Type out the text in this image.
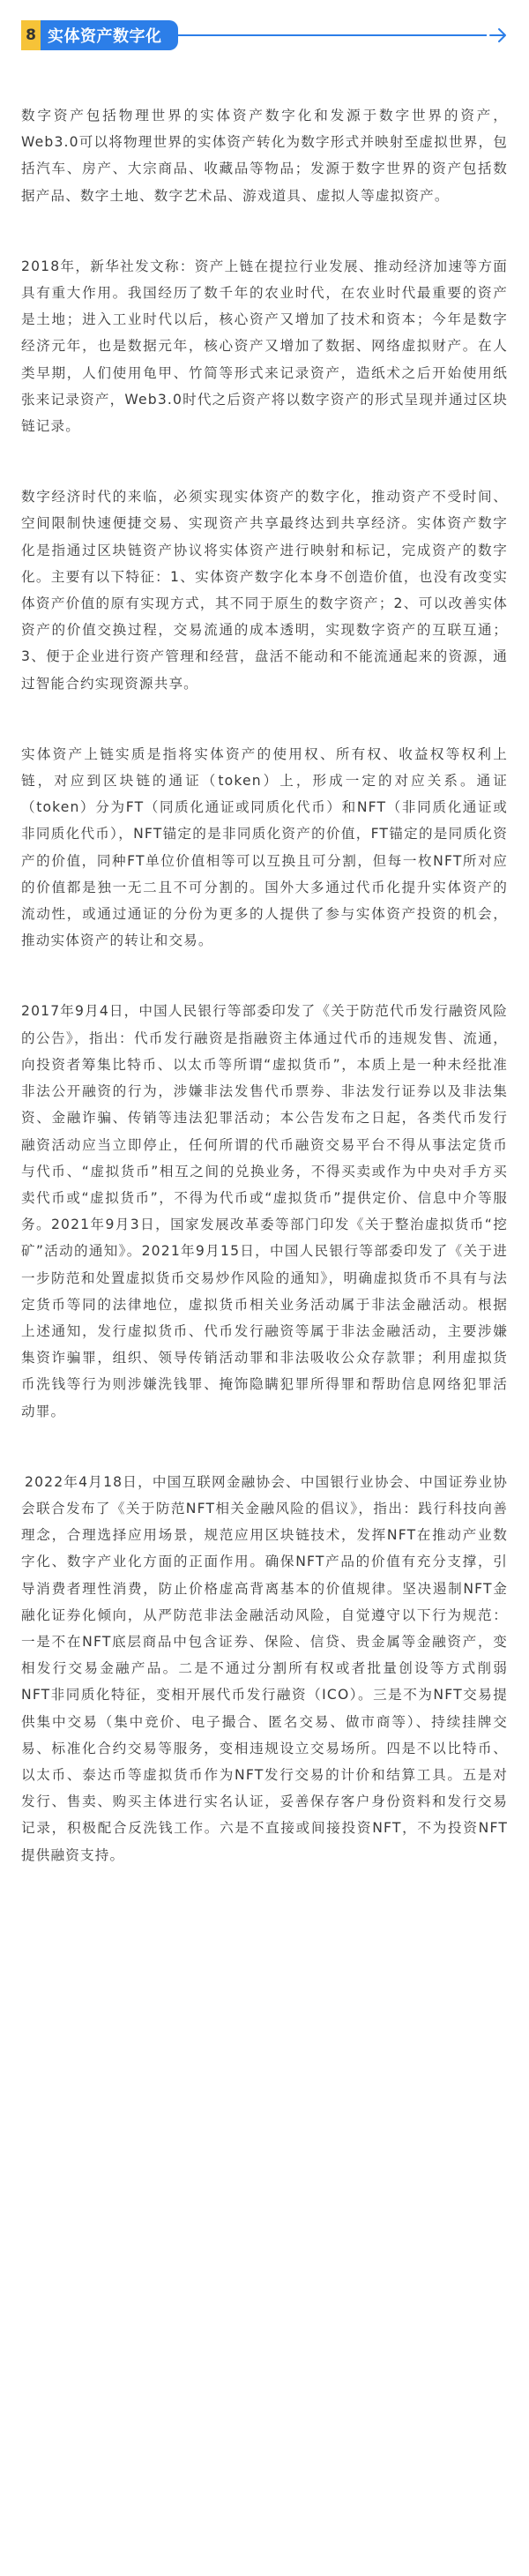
8 实体资产数字化

数字资产包括物理世界的实体资产数字化和发源于数字世界的资产，Web3.0可以将物理世界的实体资产转化为数字形式并映射至虚拟世界，包括汽车、房产、大宗商品、收藏品等物品；发源于数字世界的资产包括数据产品、数字土地、数字艺术品、游戏道具、虚拟人等虚拟资产。

2018年，新华社发文称：资产上链在提拉行业发展、推动经济加速等方面具有重大作用。我国经历了数千年的农业时代，在农业时代最重要的资产是土地；进入工业时代以后，核心资产又增加了技术和资本；今年是数字经济元年，也是数据元年，核心资产又增加了数据、网络虚拟财产。在人类早期，人们使用龟甲、竹简等形式来记录资产，造纸术之后开始使用纸张来记录资产，Web3.0时代之后资产将以数字资产的形式呈现并通过区块链记录。

数字经济时代的来临，必须实现实体资产的数字化，推动资产不受时间、空间限制快速便捷交易、实现资产共享最终达到共享经济。实体资产数字化是指通过区块链资产协议将实体资产进行映射和标记，完成资产的数字化。主要有以下特征：1、实体资产数字化本身不创造价值，也没有改变实体资产价值的原有实现方式，其不同于原生的数字资产；2、可以改善实体资产的价值交换过程，交易流通的成本透明，实现数字资产的互联互通；3、便于企业进行资产管理和经营，盘活不能动和不能流通起来的资源，通过智能合约实现资源共享。

实体资产上链实质是指将实体资产的使用权、所有权、收益权等权利上链，对应到区块链的通证（token）上，形成一定的对应关系。通证（token）分为FT（同质化通证或同质化代币）和NFT（非同质化通证或非同质化代币），NFT锚定的是非同质化资产的价值，FT锚定的是同质化资产的价值，同种FT单位价值相等可以互换且可分割，但每一枚NFT所对应的价值都是独一无二且不可分割的。国外大多通过代币化提升实体资产的流动性，或通过通证的分份为更多的人提供了参与实体资产投资的机会，推动实体资产的转让和交易。

2017年9月4日，中国人民银行等部委印发了《关于防范代币发行融资风险的公告》，指出：代币发行融资是指融资主体通过代币的违规发售、流通，向投资者筹集比特币、以太币等所谓“虚拟货币”，本质上是一种未经批准非法公开融资的行为，涉嫌非法发售代币票券、非法发行证券以及非法集资、金融诈骗、传销等违法犯罪活动；本公告发布之日起，各类代币发行融资活动应当立即停止，任何所谓的代币融资交易平台不得从事法定货币与代币、“虚拟货币”相互之间的兑换业务，不得买卖或作为中央对手方买卖代币或“虚拟货币”，不得为代币或“虚拟货币”提供定价、信息中介等服务。2021年9月3日，国家发展改革委等部门印发《关于整治虚拟货币“挖矿”活动的通知》。2021年9月15日，中国人民银行等部委印发了《关于进一步防范和处置虚拟货币交易炒作风险的通知》，明确虚拟货币不具有与法定货币等同的法律地位，虚拟货币相关业务活动属于非法金融活动。根据上述通知，发行虚拟货币、代币发行融资等属于非法金融活动，主要涉嫌集资诈骗罪，组织、领导传销活动罪和非法吸收公众存款罪；利用虚拟货币洗钱等行为则涉嫌洗钱罪、掩饰隐瞒犯罪所得罪和帮助信息网络犯罪活动罪。

2022年4月18日，中国互联网金融协会、中国银行业协会、中国证券业协会联合发布了《关于防范NFT相关金融风险的倡议》，指出：践行科技向善理念，合理选择应用场景，规范应用区块链技术，发挥NFT在推动产业数字化、数字产业化方面的正面作用。确保NFT产品的价值有充分支撑，引导消费者理性消费，防止价格虚高背离基本的价值规律。坚决遏制NFT金融化证券化倾向，从严防范非法金融活动风险，自觉遵守以下行为规范：一是不在NFT底层商品中包含证券、保险、信贷、贵金属等金融资产，变相发行交易金融产品。二是不通过分割所有权或者批量创设等方式削弱NFT非同质化特征，变相开展代币发行融资（ICO）。三是不为NFT交易提供集中交易（集中竞价、电子撮合、匿名交易、做市商等）、持续挂牌交易、标准化合约交易等服务，变相违规设立交易场所。四是不以比特币、以太币、泰达币等虚拟货币作为NFT发行交易的计价和结算工具。五是对发行、售卖、购买主体进行实名认证，妥善保存客户身份资料和发行交易记录，积极配合反洗钱工作。六是不直接或间接投资NFT，不为投资NFT提供融资支持。
